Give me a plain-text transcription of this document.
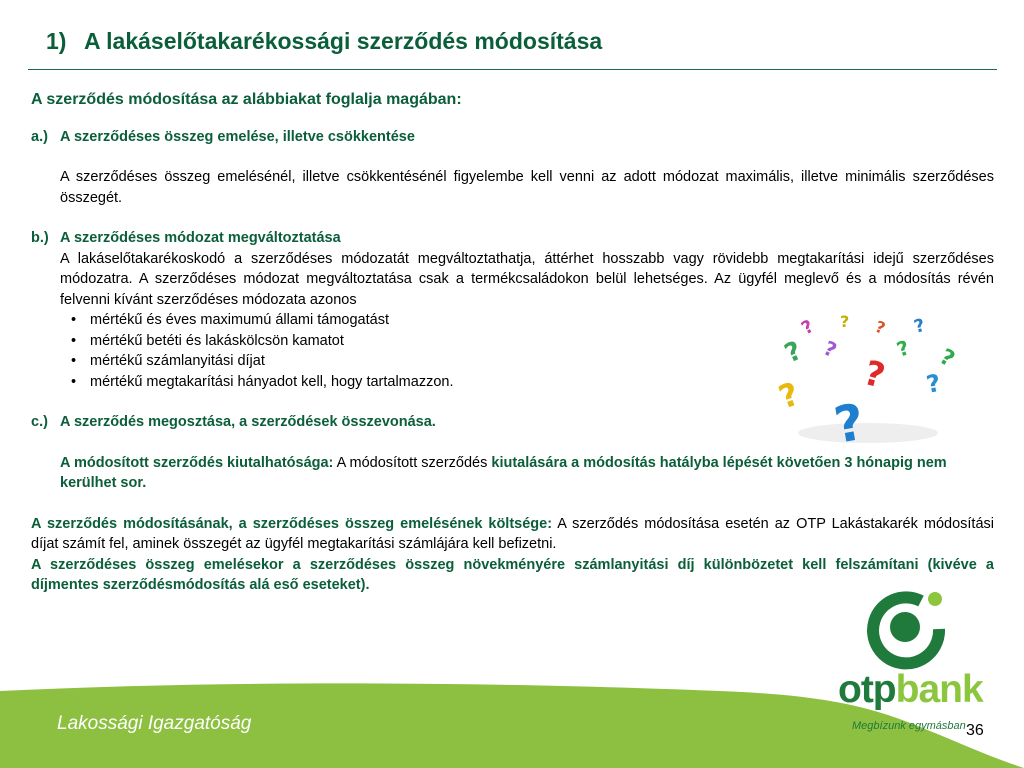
1) A lakáselőtakarékossági szerződés módosítása
A szerződés módosítása az alábbiakat foglalja magában:
a.) A szerződéses összeg emelése, illetve csökkentése
A szerződéses összeg emelésénél, illetve csökkentésénél figyelembe kell venni az adott módozat maximális, illetve minimális szerződéses összegét.
b.) A szerződéses módozat megváltoztatása
A lakáselőtakarékoskodó a szerződéses módozatát megváltoztathatja, áttérhet hosszabb vagy rövidebb megtakarítási idejű szerződéses módozatra. A szerződéses módozat megváltoztatása csak a termékcsaládokon belül lehetséges. Az ügyfél meglevő és a módosítás révén felvenni kívánt szerződéses módozata azonos
• mértékű és éves maximumú állami támogatást
• mértékű betéti és lakáskölcsön kamatot
• mértékű számlanyitási díjat
• mértékű megtakarítási hányadot kell, hogy tartalmazzon.
c.) A szerződés megosztása, a szerződések összevonása.
A módosított szerződés kiutalhatósága: A módosított szerződés kiutalására a módosítás hatályba lépését követően 3 hónapig nem kerülhet sor.
A szerződés módosításának, a szerződéses összeg emelésének költsége: A szerződés módosítása esetén az OTP Lakástakarék módosítási díjat számít fel, aminek összegét az ügyfél megtakarítási számlájára kell befizetni.
A szerződéses összeg emelésekor a szerződéses összeg növekményére számlanyitási díj különbözetet kell felszámítani (kivéve a díjmentes szerződésmódosítás alá eső eseteket).
? ? ? ?
? ?
?
? ?
?
? ?
Lakossági Igazgatóság	36
otpbank
Megbízunk egymásban
